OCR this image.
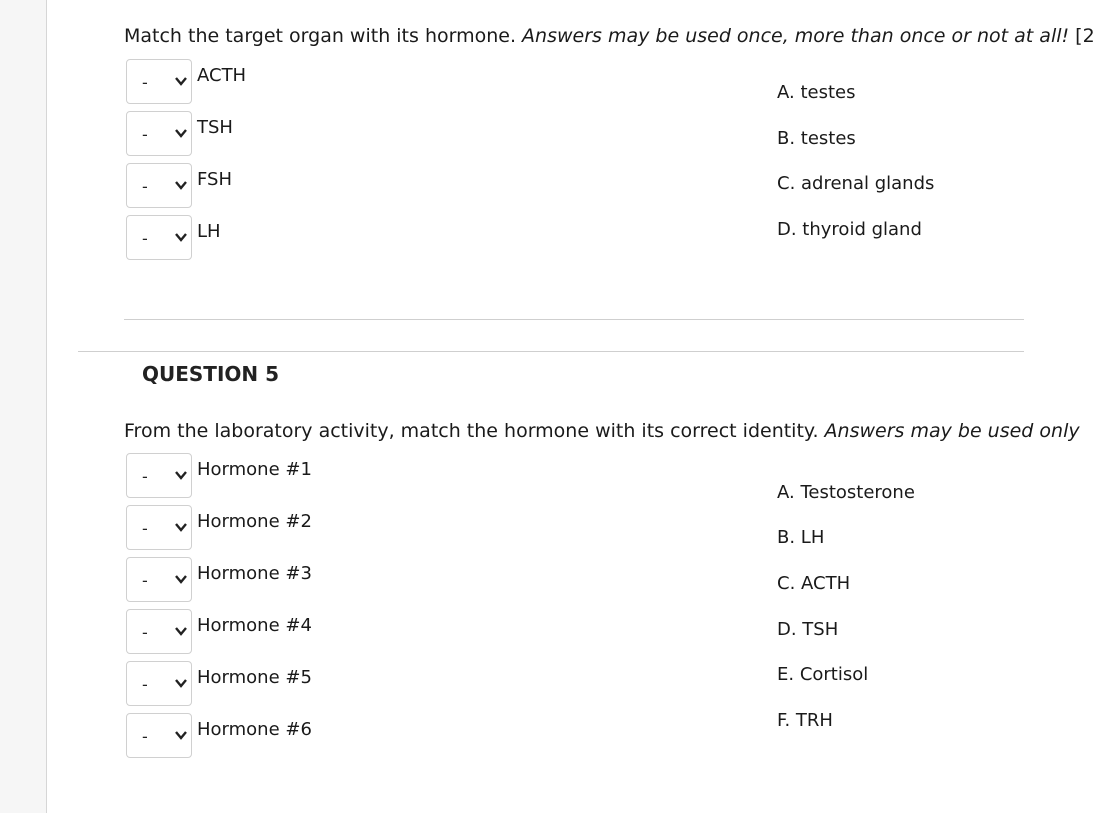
Match the target organ with its hormone. Answers may be used once, more than once or not at all! [2
-	ACTH
-	TSH
-	FSH
-	LH
A. testes
B. testes
C. adrenal glands
D. thyroid gland
QUESTION 5
From the laboratory activity, match the hormone with its correct identity. Answers may be used only
-	Hormone #1
-	Hormone #2
-	Hormone #3
-	Hormone #4
-	Hormone #5
-	Hormone #6
A. Testosterone
B. LH
C. ACTH
D. TSH
E. Cortisol
F. TRH
